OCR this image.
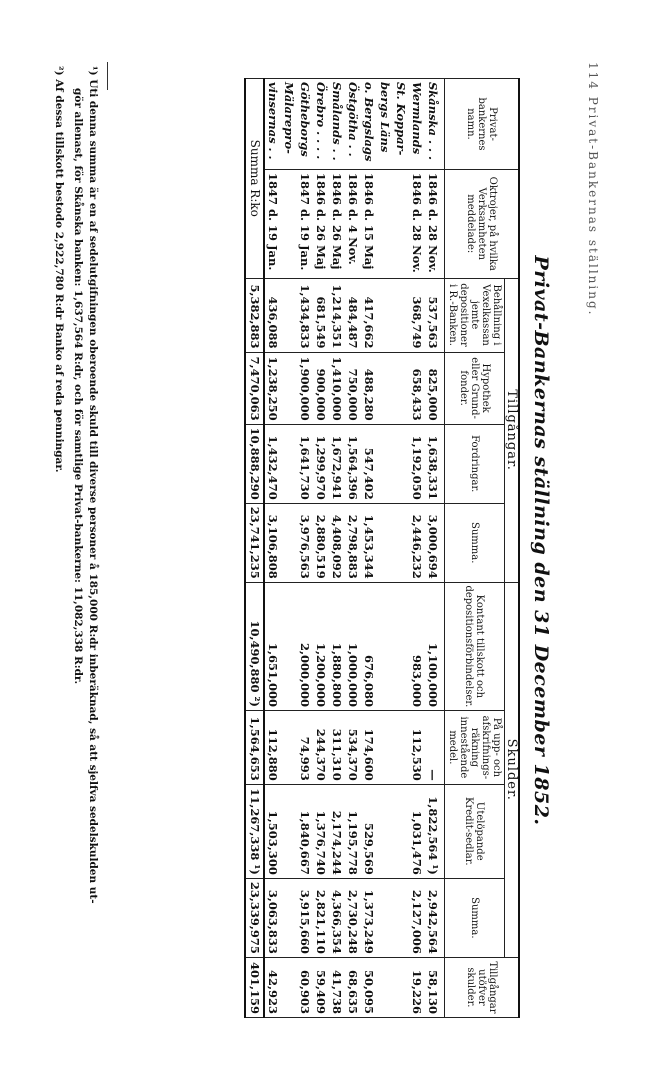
114 Privat-Bankernas ställning.
Privat-Bankernas ställning den 31 December 1852.
Privat-bankernes namn.	Oktrojer, på hvilka Verksamheten meddelade:	Tillgångar.				Skulder.				Tillgångar utöfver skulder.
		Behållning i Vexelkassan jemte depositioner i R.-Banken.	Hypothek eller Grund-fonder.	Fordringar.	Summa.	Kontant tillskott och depositionsförbindelser.	På upp- och afskrifnings-räkning innestående medel.	Utelöpande Kredit-sedlar.	Summa.	
Skånska . . .	1846 d. 28 Nov.	537,563	825,000	1,638,331	3,000,694	1,100,000	—	1,822,564 ¹)	2,942,564	58,130
Wermlands	1846 d. 28 Nov.	368,749	658,433	1,192,050	2,446,232	983,000	112,530	1,031,476	2,127,006	19,226
St. Koppar-										
bergs Läns										
o. Bergslags	1846 d. 15 Maj	417,662	488,280	547,402	1,453,344	676,080	174,600	529,569	1,373,249	50,095
Östgötha . .	1846 d. 4 Nov.	484,487	750,000	1,564,396	2,798,883	1,000,000	534,370	1,195,778	2,730,248	68,635
Smålands . .	1846 d. 26 Maj	1,214,351	1,410,000	1,672,941	4,408,092	1,880,800	311,310	2,174,244	4,366,354	41,738
Örebro . . . .	1846 d. 26 Maj	681,549	900,000	1,299,970	2,880,519	1,200,000	244,370	1,376,740	2,821,110	59,409
Götheborgs	1847 d. 19 Jan.	1,434,833	1,900,000	1,641,730	3,976,563	2,000,000	74,993	1,840,667	3,915,660	60,903
Mälarepro-										
vinsernas . .	1847 d. 19 Jan.	436,088	1,238,250	1,432,470	3,106,808	1,651,000	112,880	1,503,300	3,063,833	42,923
Summa R:ko		5,382,883	7,470,063	10,888,290	23,741,235	10,490,880 ²)	1,564,653	11,267,338 ¹)	23,339,975	401,159

¹) Uti denna summa är en af sedelutgifningen oberoende skuld till diverse personer å 185,000 R:dr inberäknad, så att sjelfva sedelskulden ut-
gör allenast, för Skånska banken: 1,637,564 R:dr, och för samtlige Privat-bankerne: 11,082,338 R:dr.

²) Af dessa tillskott bestodo 2,922,780 R:dr Banko af reda penningar.
